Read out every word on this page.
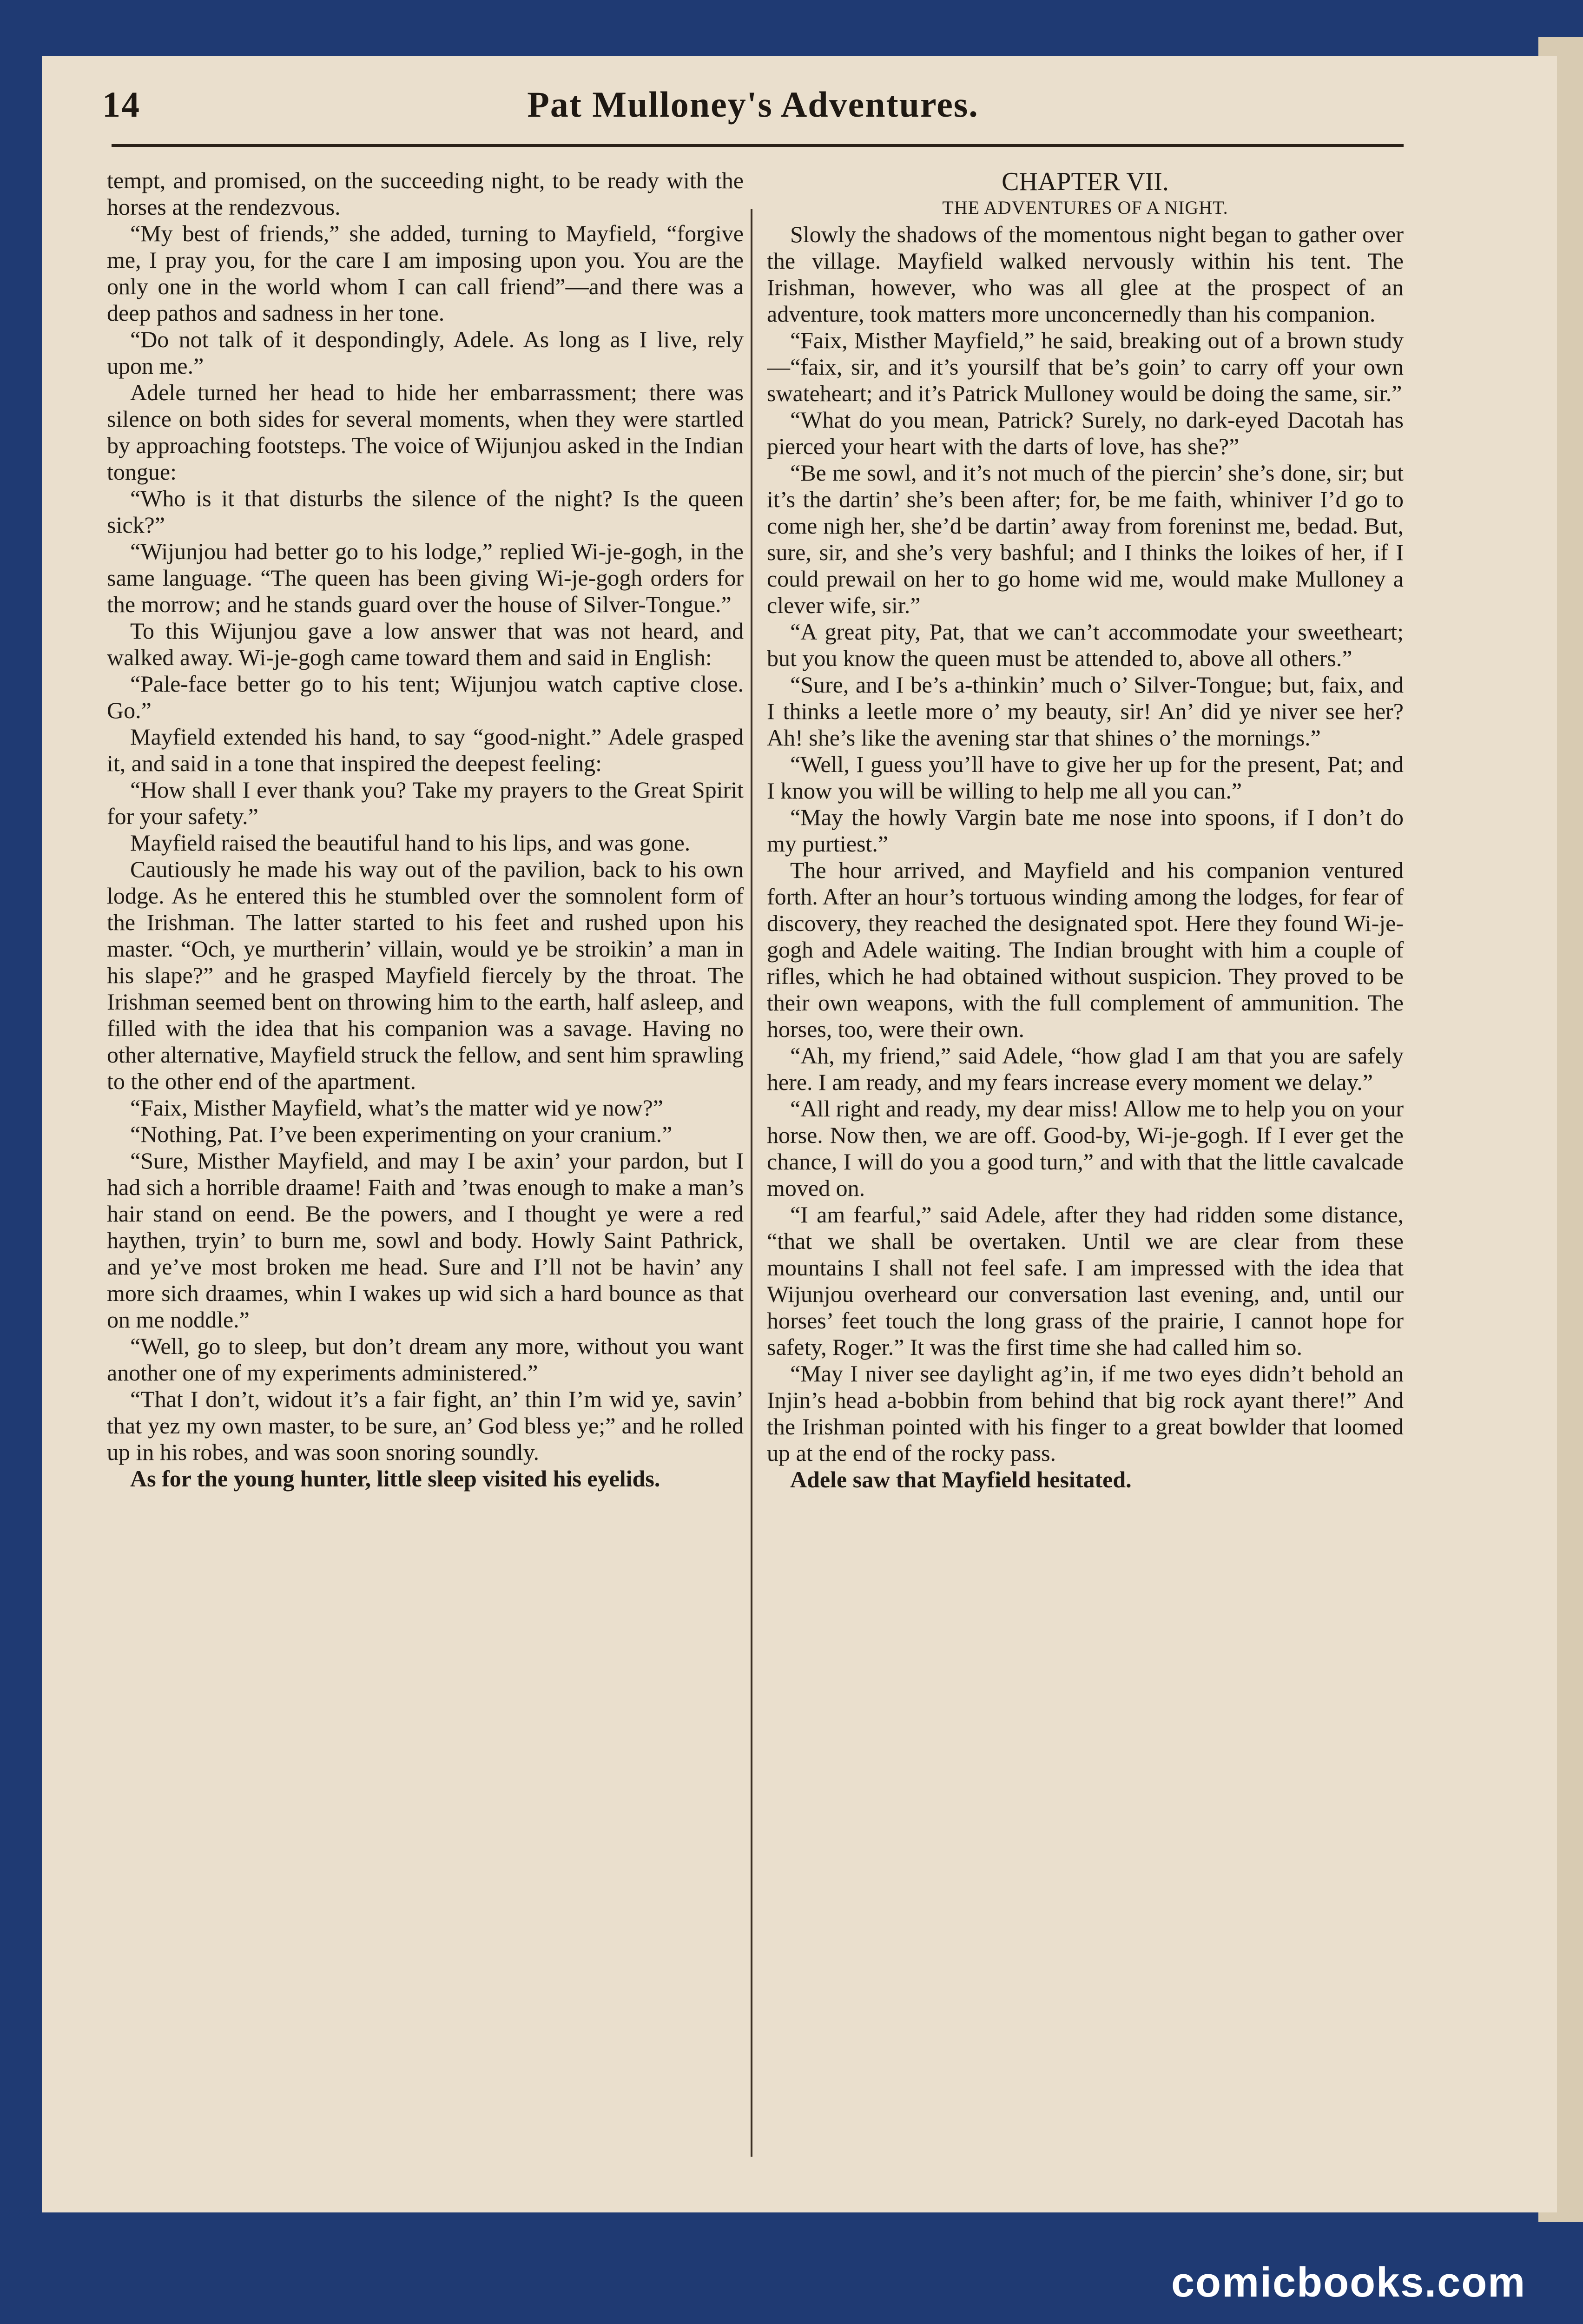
14	Pat Mulloney's Adventures.

tempt, and promised, on the succeeding night, to be ready with the horses at the rendezvous.

“My best of friends,” she added, turning to Mayfield, “forgive me, I pray you, for the care I am imposing upon you. You are the only one in the world whom I can call friend”—and there was a deep pathos and sadness in her tone.

“Do not talk of it despondingly, Adele. As long as I live, rely upon me.”

Adele turned her head to hide her embarrassment; there was silence on both sides for several moments, when they were startled by approaching footsteps. The voice of Wijunjou asked in the Indian tongue:

“Who is it that disturbs the silence of the night? Is the queen sick?”

“Wijunjou had better go to his lodge,” replied Wi-je-gogh, in the same language. “The queen has been giving Wi-je-gogh orders for the morrow; and he stands guard over the house of Silver-Tongue.”

To this Wijunjou gave a low answer that was not heard, and walked away. Wi-je-gogh came toward them and said in English:

“Pale-face better go to his tent; Wijunjou watch captive close. Go.”

Mayfield extended his hand, to say “good-night.” Adele grasped it, and said in a tone that inspired the deepest feeling:

“How shall I ever thank you? Take my prayers to the Great Spirit for your safety.”

Mayfield raised the beautiful hand to his lips, and was gone.

Cautiously he made his way out of the pavilion, back to his own lodge. As he entered this he stumbled over the somnolent form of the Irishman. The latter started to his feet and rushed upon his master. “Och, ye murtherin’ villain, would ye be stroikin’ a man in his slape?” and he grasped Mayfield fiercely by the throat. The Irishman seemed bent on throwing him to the earth, half asleep, and filled with the idea that his companion was a savage. Having no other alternative, Mayfield struck the fellow, and sent him sprawling to the other end of the apartment.

“Faix, Misther Mayfield, what’s the matter wid ye now?”

“Nothing, Pat. I’ve been experimenting on your cranium.”

“Sure, Misther Mayfield, and may I be axin’ your pardon, but I had sich a horrible draame! Faith and ’twas enough to make a man’s hair stand on eend. Be the powers, and I thought ye were a red haythen, tryin’ to burn me, sowl and body. Howly Saint Pathrick, and ye’ve most broken me head. Sure and I’ll not be havin’ any more sich draames, whin I wakes up wid sich a hard bounce as that on me noddle.”

“Well, go to sleep, but don’t dream any more, without you want another one of my experiments administered.”

“That I don’t, widout it’s a fair fight, an’ thin I’m wid ye, savin’ that yez my own master, to be sure, an’ God bless ye;” and he rolled up in his robes, and was soon snoring soundly.

As for the young hunter, little sleep visited his eyelids.

CHAPTER VII.
THE ADVENTURES OF A NIGHT.

Slowly the shadows of the momentous night began to gather over the village. Mayfield walked nervously within his tent. The Irishman, however, who was all glee at the prospect of an adventure, took matters more unconcernedly than his companion.

“Faix, Misther Mayfield,” he said, breaking out of a brown study—“faix, sir, and it’s yoursilf that be’s goin’ to carry off your own swateheart; and it’s Patrick Mulloney would be doing the same, sir.”

“What do you mean, Patrick? Surely, no dark-eyed Dacotah has pierced your heart with the darts of love, has she?”

“Be me sowl, and it’s not much of the piercin’ she’s done, sir; but it’s the dartin’ she’s been after; for, be me faith, whiniver I’d go to come nigh her, she’d be dartin’ away from foreninst me, bedad. But, sure, sir, and she’s very bashful; and I thinks the loikes of her, if I could prewail on her to go home wid me, would make Mulloney a clever wife, sir.”

“A great pity, Pat, that we can’t accommodate your sweetheart; but you know the queen must be attended to, above all others.”

“Sure, and I be’s a-thinkin’ much o’ Silver-Tongue; but, faix, and I thinks a leetle more o’ my beauty, sir! An’ did ye niver see her? Ah! she’s like the avening star that shines o’ the mornings.”

“Well, I guess you’ll have to give her up for the present, Pat; and I know you will be willing to help me all you can.”

“May the howly Vargin bate me nose into spoons, if I don’t do my purtiest.”

The hour arrived, and Mayfield and his companion ventured forth. After an hour’s tortuous winding among the lodges, for fear of discovery, they reached the designated spot. Here they found Wi-je-gogh and Adele waiting. The Indian brought with him a couple of rifles, which he had obtained without suspicion. They proved to be their own weapons, with the full complement of ammunition. The horses, too, were their own.

“Ah, my friend,” said Adele, “how glad I am that you are safely here. I am ready, and my fears increase every moment we delay.”

“All right and ready, my dear miss! Allow me to help you on your horse. Now then, we are off. Good-by, Wi-je-gogh. If I ever get the chance, I will do you a good turn,” and with that the little cavalcade moved on.

“I am fearful,” said Adele, after they had ridden some distance, “that we shall be overtaken. Until we are clear from these mountains I shall not feel safe. I am impressed with the idea that Wijunjou overheard our conversation last evening, and, until our horses’ feet touch the long grass of the prairie, I cannot hope for safety, Roger.” It was the first time she had called him so.

“May I niver see daylight ag’in, if me two eyes didn’t behold an Injin’s head a-bobbin from behind that big rock ayant there!” And the Irishman pointed with his finger to a great bowlder that loomed up at the end of the rocky pass.

Adele saw that Mayfield hesitated.

comicbooks.com
